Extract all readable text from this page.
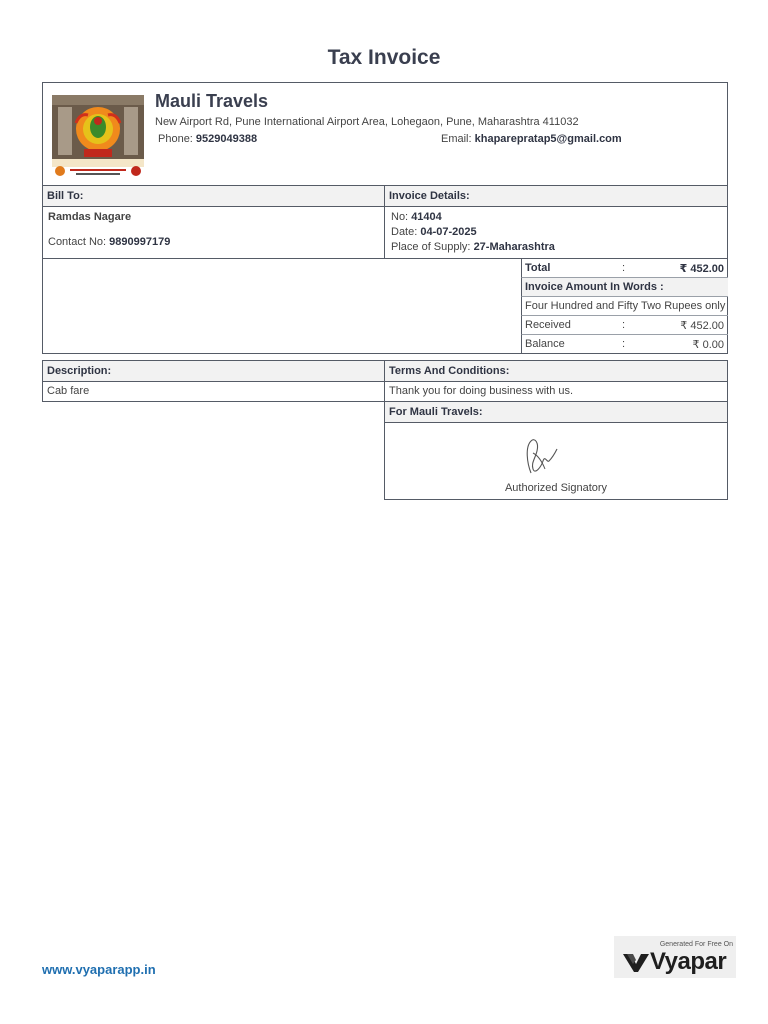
Tax Invoice
Mauli Travels
New Airport Rd, Pune International Airport Area, Lohegaon, Pune, Maharashtra 411032
Phone: 9529049388	Email: khaparepratap5@gmail.com
Bill To:	Invoice Details:
Ramdas Nagare
Contact No: 9890997179
No: 41404
Date: 04-07-2025
Place of Supply: 27-Maharashtra
Total	:	₹ 452.00
Invoice Amount In Words :
Four Hundred and Fifty Two Rupees only
Received	:	₹ 452.00
Balance	:	₹ 0.00
Description:
Cab fare
Terms And Conditions:
Thank you for doing business with us.
For Mauli Travels:
Authorized Signatory
www.vyaparapp.in
Generated For Free On
Vyapar
